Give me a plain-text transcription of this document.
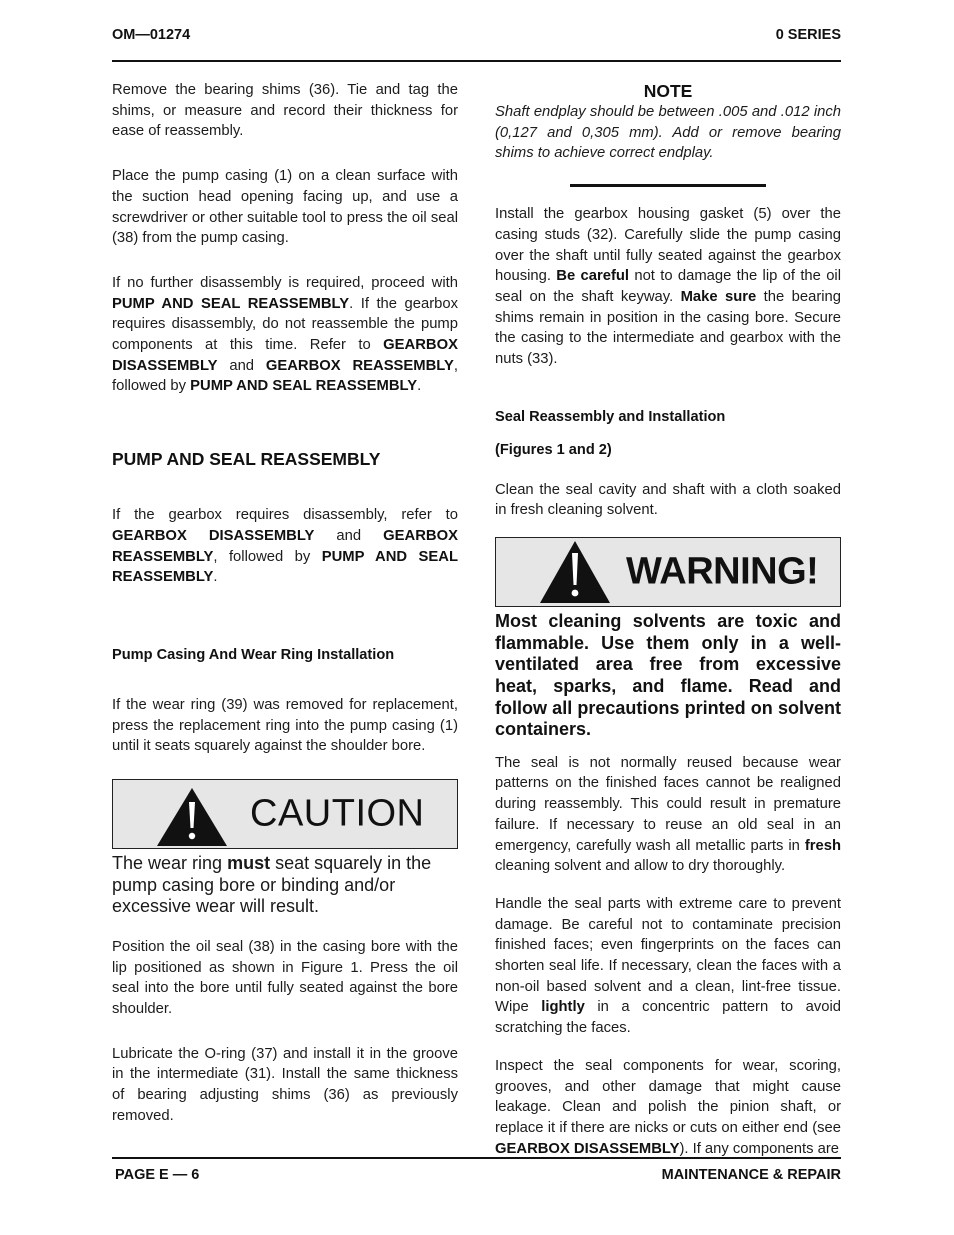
OM—01274	0 SERIES

Remove the bearing shims (36). Tie and tag the shims, or measure and record their thickness for ease of reassembly.

Place the pump casing (1) on a clean surface with the suction head opening facing up, and use a screwdriver or other suitable tool to press the oil seal (38) from the pump casing.

If no further disassembly is required, proceed with PUMP AND SEAL REASSEMBLY. If the gearbox requires disassembly, do not reassemble the pump components at this time. Refer to GEARBOX DISASSEMBLY and GEARBOX REASSEMBLY, followed by PUMP AND SEAL REASSEMBLY.

PUMP AND SEAL REASSEMBLY

If the gearbox requires disassembly, refer to GEARBOX DISASSEMBLY and GEARBOX REASSEMBLY, followed by PUMP AND SEAL REASSEMBLY.

Pump Casing And Wear Ring Installation

If the wear ring (39) was removed for replacement, press the replacement ring into the pump casing (1) until it seats squarely against the shoulder bore.

CAUTION

The wear ring must seat squarely in the pump casing bore or binding and/or excessive wear will result.

Position the oil seal (38) in the casing bore with the lip positioned as shown in Figure 1. Press the oil seal into the bore until fully seated against the bore shoulder.

Lubricate the O-ring (37) and install it in the groove in the intermediate (31). Install the same thickness of bearing adjusting shims (36) as previously removed.

NOTE

Shaft endplay should be between .005 and .012 inch (0,127 and 0,305 mm). Add or remove bearing shims to achieve correct endplay.

Install the gearbox housing gasket (5) over the casing studs (32). Carefully slide the pump casing over the shaft until fully seated against the gearbox housing. Be careful not to damage the lip of the oil seal on the shaft keyway. Make sure the bearing shims remain in position in the casing bore. Secure the casing to the intermediate and gearbox with the nuts (33).

Seal Reassembly and Installation
(Figures 1 and 2)

Clean the seal cavity and shaft with a cloth soaked in fresh cleaning solvent.

WARNING!

Most cleaning solvents are toxic and flammable. Use them only in a well-ventilated area free from excessive heat, sparks, and flame. Read and follow all precautions printed on solvent containers.

The seal is not normally reused because wear patterns on the finished faces cannot be realigned during reassembly. This could result in premature failure. If necessary to reuse an old seal in an emergency, carefully wash all metallic parts in fresh cleaning solvent and allow to dry thoroughly.

Handle the seal parts with extreme care to prevent damage. Be careful not to contaminate precision finished faces; even fingerprints on the faces can shorten seal life. If necessary, clean the faces with a non-oil based solvent and a clean, lint-free tissue. Wipe lightly in a concentric pattern to avoid scratching the faces.

Inspect the seal components for wear, scoring, grooves, and other damage that might cause leakage. Clean and polish the pinion shaft, or replace it if there are nicks or cuts on either end (see GEARBOX DISASSEMBLY). If any components are

PAGE E — 6	MAINTENANCE & REPAIR
